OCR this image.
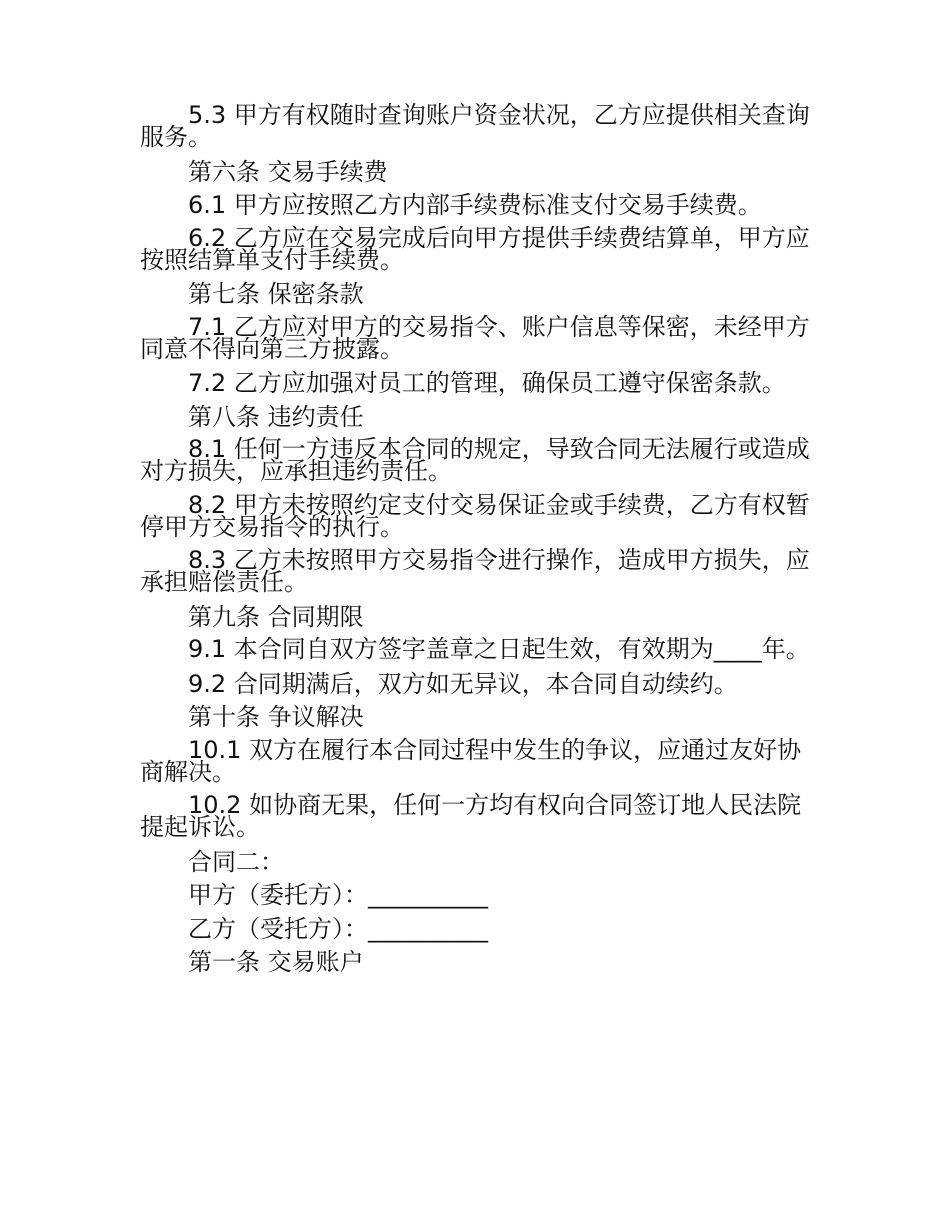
5.3 甲方有权随时查询账户资金状况，乙方应提供相关查询服务。

第六条 交易手续费

6.1 甲方应按照乙方内部手续费标准支付交易手续费。

6.2 乙方应在交易完成后向甲方提供手续费结算单，甲方应按照结算单支付手续费。

第七条 保密条款

7.1 乙方应对甲方的交易指令、账户信息等保密，未经甲方同意不得向第三方披露。

7.2 乙方应加强对员工的管理，确保员工遵守保密条款。

第八条 违约责任

8.1 任何一方违反本合同的规定，导致合同无法履行或造成对方损失，应承担违约责任。

8.2 甲方未按照约定支付交易保证金或手续费，乙方有权暂停甲方交易指令的执行。

8.3 乙方未按照甲方交易指令进行操作，造成甲方损失，应承担赔偿责任。

第九条 合同期限

9.1 本合同自双方签字盖章之日起生效，有效期为____年。

9.2 合同期满后，双方如无异议，本合同自动续约。

第十条 争议解决

10.1 双方在履行本合同过程中发生的争议，应通过友好协商解决。

10.2 如协商无果，任何一方均有权向合同签订地人民法院提起诉讼。

合同二：

甲方（委托方）：__________

乙方（受托方）：__________

第一条 交易账户
